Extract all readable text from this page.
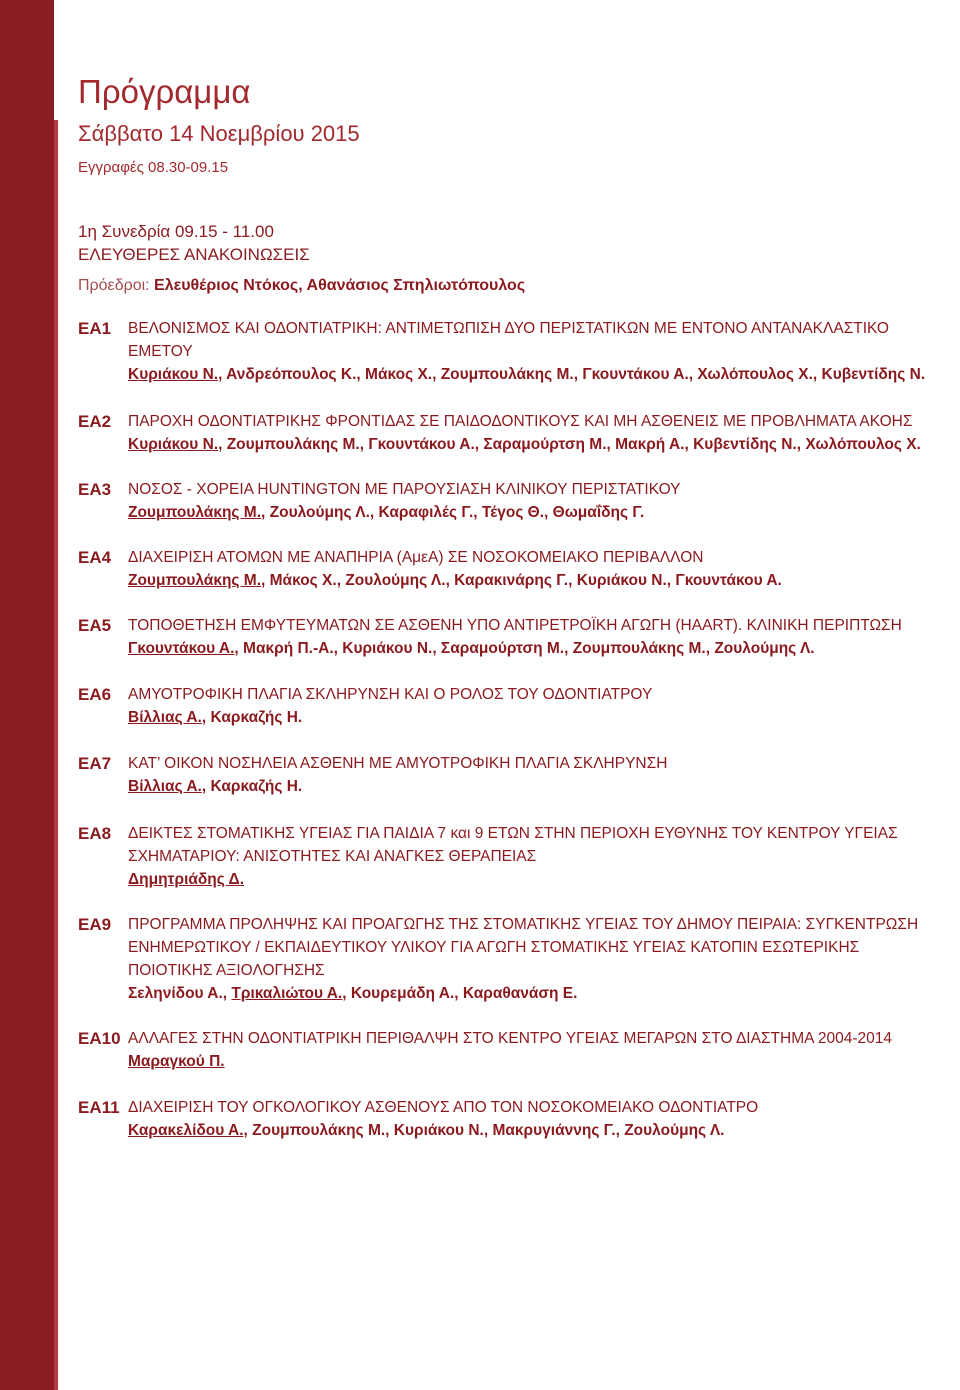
Πρόγραμμα
Σάββατο 14 Νοεμβρίου 2015
Εγγραφές 08.30-09.15
1η Συνεδρία 09.15 - 11.00
ΕΛΕΥΘΕΡΕΣ ΑΝΑΚΟΙΝΩΣΕΙΣ
Πρόεδροι: Ελευθέριος Ντόκος, Αθανάσιος Σπηλιωτόπουλος
ΕΑ1	ΒΕΛΟΝΙΣΜΟΣ ΚΑΙ ΟΔΟΝΤΙΑΤΡΙΚΗ: ΑΝΤΙΜΕΤΩΠΙΣΗ ΔΥΟ ΠΕΡΙΣΤΑΤΙΚΩΝ ΜΕ ΕΝΤΟΝΟ ΑΝΤΑΝΑΚΛΑΣΤΙΚΟ ΕΜΕΤΟΥ
Κυριάκου Ν., Ανδρεόπουλος Κ., Μάκος Χ., Ζουμπουλάκης Μ., Γκουντάκου Α., Χωλόπουλος Χ., Κυβεντίδης Ν.
ΕΑ2	ΠΑΡΟΧΗ ΟΔΟΝΤΙΑΤΡΙΚΗΣ ΦΡΟΝΤΙΔΑΣ ΣΕ ΠΑΙΔΟΔΟΝΤΙΚΟΥΣ ΚΑΙ ΜΗ ΑΣΘΕΝΕΙΣ ΜΕ ΠΡΟΒΛΗΜΑΤΑ ΑΚΟΗΣ
Κυριάκου Ν., Ζουμπουλάκης Μ., Γκουντάκου Α., Σαραμούρτση Μ., Μακρή Α., Κυβεντίδης Ν., Χωλόπουλος Χ.
ΕΑ3	ΝΟΣΟΣ - ΧΟΡΕΙΑ HUNTINGTON ΜΕ ΠΑΡΟΥΣΙΑΣΗ ΚΛΙΝΙΚΟΥ ΠΕΡΙΣΤΑΤΙΚΟΥ
Ζουμπουλάκης Μ., Ζουλούμης Λ., Καραφιλές Γ., Τέγος Θ., Θωμαΐδης Γ.
ΕΑ4	ΔΙΑΧΕΙΡΙΣΗ ΑΤΟΜΩΝ ΜΕ ΑΝΑΠΗΡΙΑ (ΑμεΑ) ΣΕ ΝΟΣΟΚΟΜΕΙΑΚΟ ΠΕΡΙΒΑΛΛΟΝ
Ζουμπουλάκης Μ., Μάκος Χ., Ζουλούμης Λ., Καρακινάρης Γ., Κυριάκου Ν., Γκουντάκου Α.
ΕΑ5	ΤΟΠΟΘΕΤΗΣΗ ΕΜΦΥΤΕΥΜΑΤΩΝ ΣΕ ΑΣΘΕΝΗ ΥΠΟ ΑΝΤΙΡΕΤΡΟΪΚΗ ΑΓΩΓΗ (HAART). ΚΛΙΝΙΚΗ ΠΕΡΙΠΤΩΣΗ
Γκουντάκου Α., Μακρή Π.-Α., Κυριάκου Ν., Σαραμούρτση Μ., Ζουμπουλάκης Μ., Ζουλούμης Λ.
ΕΑ6	ΑΜΥΟΤΡΟΦΙΚΗ ΠΛΑΓΙΑ ΣΚΛΗΡΥΝΣΗ ΚΑΙ Ο ΡΟΛΟΣ ΤΟΥ ΟΔΟΝΤΙΑΤΡΟΥ
Βίλλιας Α., Καρκαζής Η.
ΕΑ7	ΚΑΤ’ ΟΙΚΟΝ ΝΟΣΗΛΕΙΑ ΑΣΘΕΝΗ ΜΕ ΑΜΥΟΤΡΟΦΙΚΗ ΠΛΑΓΙΑ ΣΚΛΗΡΥΝΣΗ
Βίλλιας Α., Καρκαζής Η.
ΕΑ8	ΔΕΙΚΤΕΣ ΣΤΟΜΑΤΙΚΗΣ ΥΓΕΙΑΣ ΓΙΑ ΠΑΙΔΙΑ 7 και 9 ΕΤΩΝ ΣΤΗΝ ΠΕΡΙΟΧΗ ΕΥΘΥΝΗΣ ΤΟΥ ΚΕΝΤΡΟΥ ΥΓΕΙΑΣ ΣΧΗΜΑΤΑΡΙΟΥ: ΑΝΙΣΟΤΗΤΕΣ ΚΑΙ ΑΝΑΓΚΕΣ ΘΕΡΑΠΕΙΑΣ
Δημητριάδης Δ.
ΕΑ9	ΠΡΟΓΡΑΜΜΑ ΠΡΟΛΗΨΗΣ ΚΑΙ ΠΡΟΑΓΩΓΗΣ ΤΗΣ ΣΤΟΜΑΤΙΚΗΣ ΥΓΕΙΑΣ ΤΟΥ ΔΗΜΟΥ ΠΕΙΡΑΙΑ: ΣΥΓΚΕΝΤΡΩΣΗ ΕΝΗΜΕΡΩΤΙΚΟΥ / ΕΚΠΑΙΔΕΥΤΙΚΟΥ ΥΛΙΚΟΥ ΓΙΑ ΑΓΩΓΗ ΣΤΟΜΑΤΙΚΗΣ ΥΓΕΙΑΣ ΚΑΤΟΠΙΝ ΕΣΩΤΕΡΙΚΗΣ ΠΟΙΟΤΙΚΗΣ ΑΞΙΟΛΟΓΗΣΗΣ
Σεληνίδου Α., Τρικαλιώτου Α., Κουρεμάδη Α., Καραθανάση Ε.
ΕΑ10 ΑΛΛΑΓΕΣ ΣΤΗΝ ΟΔΟΝΤΙΑΤΡΙΚΗ ΠΕΡΙΘΑΛΨΗ ΣΤΟ ΚΕΝΤΡΟ ΥΓΕΙΑΣ ΜΕΓΑΡΩΝ ΣΤΟ ΔΙΑΣΤΗΜΑ 2004-2014
Μαραγκού Π.
ΕΑ11 ΔΙΑΧΕΙΡΙΣΗ ΤΟΥ ΟΓΚΟΛΟΓΙΚΟΥ ΑΣΘΕΝΟΥΣ ΑΠΟ ΤΟΝ ΝΟΣΟΚΟΜΕΙΑΚΟ ΟΔΟΝΤΙΑΤΡΟ
Καρακελίδου Α., Ζουμπουλάκης Μ., Κυριάκου Ν., Μακρυγιάννης Γ., Ζουλούμης Λ.
